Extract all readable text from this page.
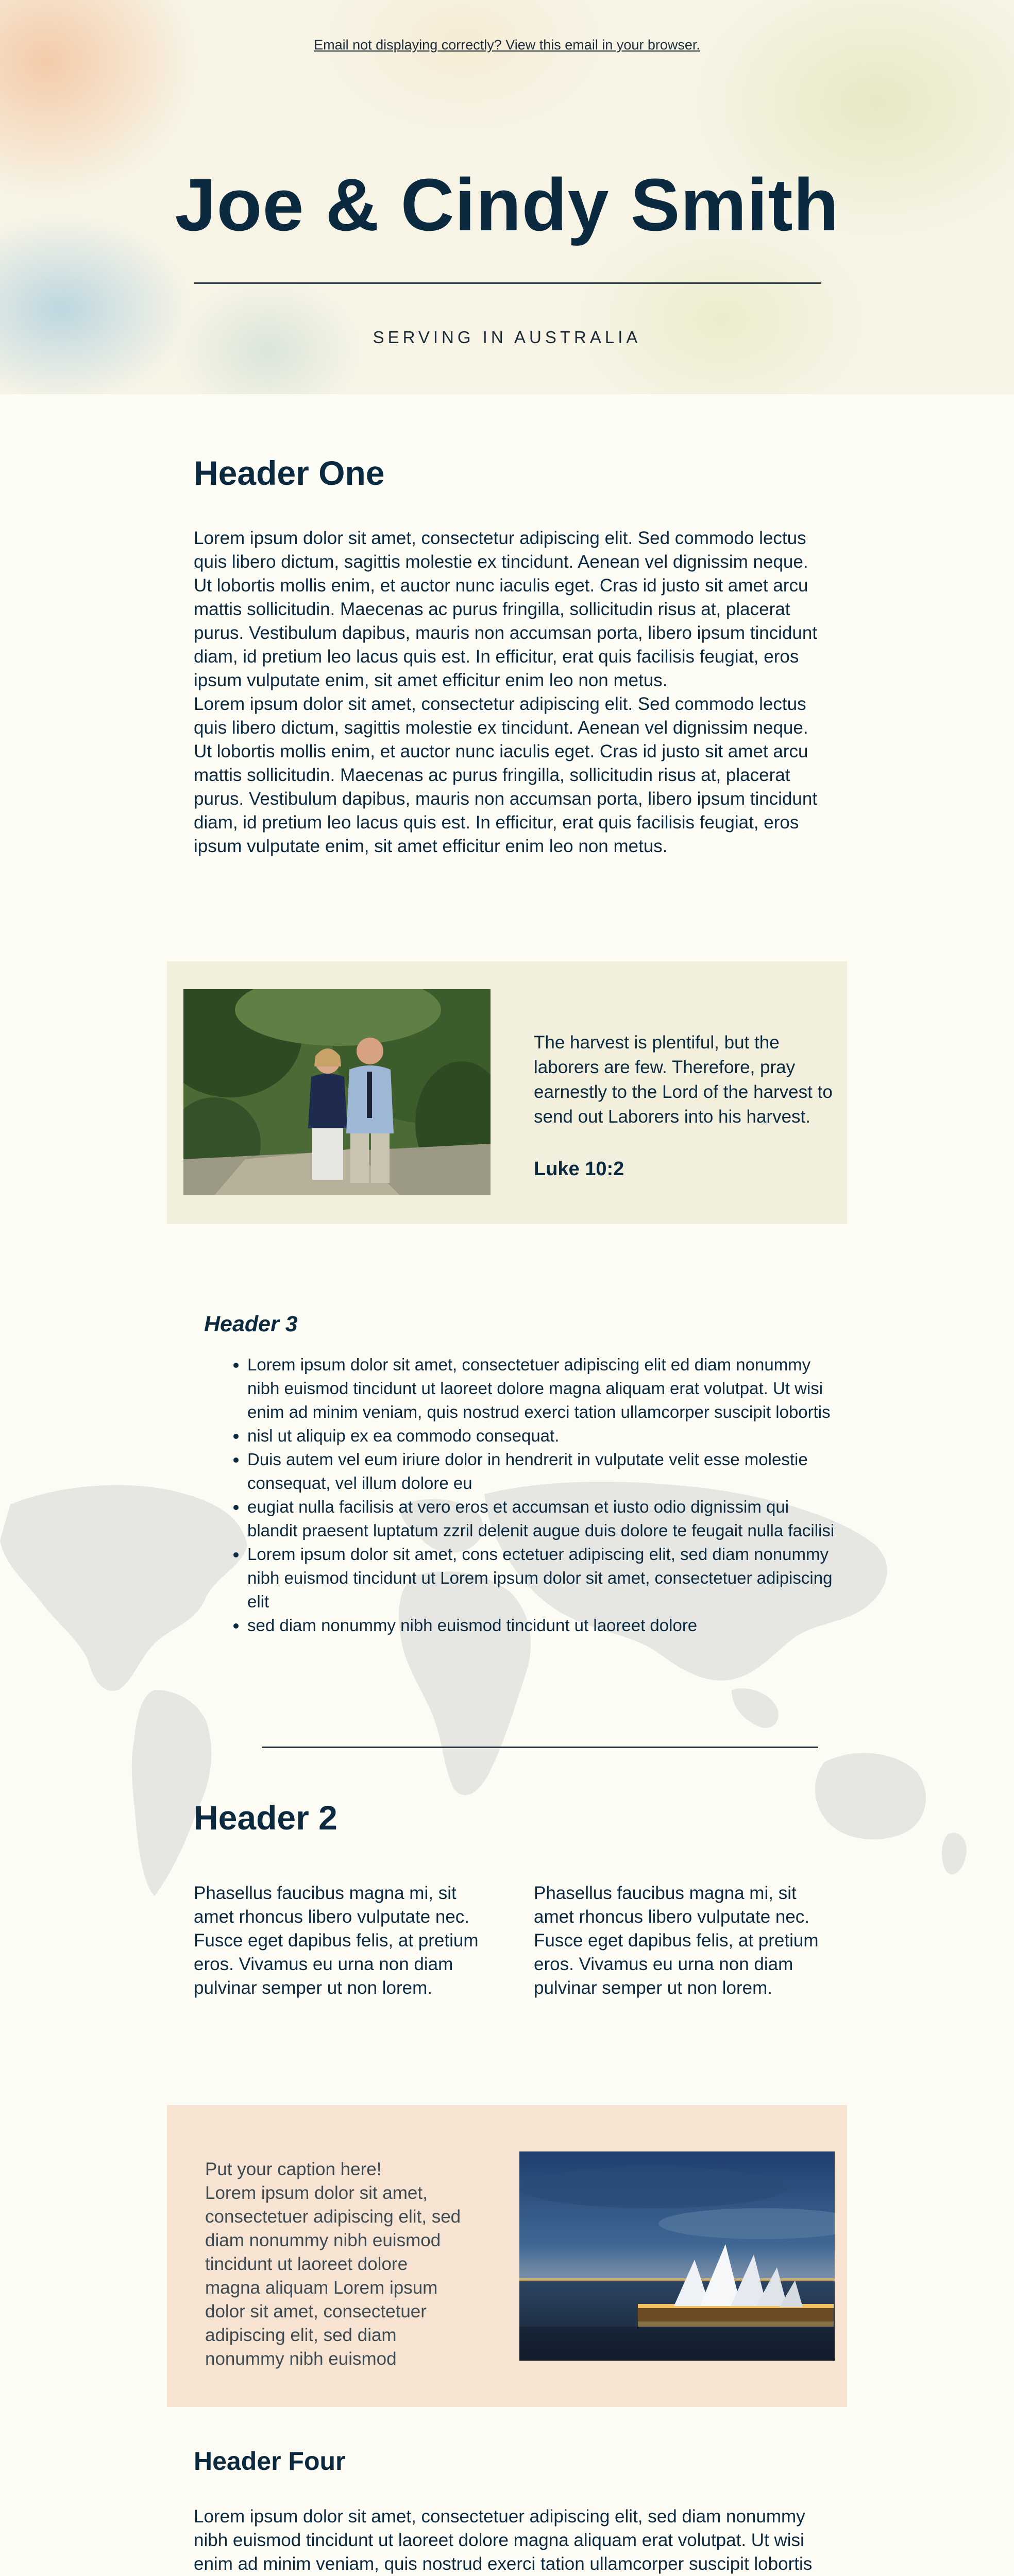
Email not displaying correctly? View this email in your browser.
Joe & Cindy Smith
SERVING IN AUSTRALIA
Header One

Lorem ipsum dolor sit amet, consectetur adipiscing elit. Sed commodo lectus quis libero dictum, sagittis molestie ex tincidunt. Aenean vel dignissim neque. Ut lobortis mollis enim, et auctor nunc iaculis eget. Cras id justo sit amet arcu mattis sollicitudin. Maecenas ac purus fringilla, sollicitudin risus at, placerat purus. Vestibulum dapibus, mauris non accumsan porta, libero ipsum tincidunt diam, id pretium leo lacus quis est. In efficitur, erat quis facilisis feugiat, eros ipsum vulputate enim, sit amet efficitur enim leo non metus.

Lorem ipsum dolor sit amet, consectetur adipiscing elit. Sed commodo lectus quis libero dictum, sagittis molestie ex tincidunt. Aenean vel dignissim neque. Ut lobortis mollis enim, et auctor nunc iaculis eget. Cras id justo sit amet arcu mattis sollicitudin. Maecenas ac purus fringilla, sollicitudin risus at, placerat purus. Vestibulum dapibus, mauris non accumsan porta, libero ipsum tincidunt diam, id pretium leo lacus quis est. In efficitur, erat quis facilisis feugiat, eros ipsum vulputate enim, sit amet efficitur enim leo non metus.

The harvest is plentiful, but the laborers are few. Therefore, pray earnestly to the Lord of the harvest to send out Laborers into his harvest.
Luke 10:2
Header 3
• Lorem ipsum dolor sit amet, consectetuer adipiscing elit ed diam nonummy nibh euismod tincidunt ut laoreet dolore magna aliquam erat volutpat. Ut wisi enim ad minim veniam, quis nostrud exerci tation ullamcorper suscipit lobortis
• nisl ut aliquip ex ea commodo consequat.
• Duis autem vel eum iriure dolor in hendrerit in vulputate velit esse molestie consequat, vel illum dolore eu
• eugiat nulla facilisis at vero eros et accumsan et iusto odio dignissim qui blandit praesent luptatum zzril delenit augue duis dolore te feugait nulla facilisi
• Lorem ipsum dolor sit amet, cons ectetuer adipiscing elit, sed diam nonummy nibh euismod tincidunt ut Lorem ipsum dolor sit amet, consectetuer adipiscing elit
• sed diam nonummy nibh euismod tincidunt ut laoreet dolore
Header 2
Phasellus faucibus magna mi, sit amet rhoncus libero vulputate nec. Fusce eget dapibus felis, at pretium eros. Vivamus eu urna non diam pulvinar semper ut non lorem.
Phasellus faucibus magna mi, sit amet rhoncus libero vulputate nec. Fusce eget dapibus felis, at pretium eros. Vivamus eu urna non diam pulvinar semper ut non lorem.
Put your caption here!
Lorem ipsum dolor sit amet, consectetuer adipiscing elit, sed diam nonummy nibh euismod tincidunt ut laoreet dolore magna aliquam Lorem ipsum dolor sit amet, consectetuer adipiscing elit, sed diam nonummy nibh euismod
Header Four
Lorem ipsum dolor sit amet, consectetuer adipiscing elit, sed diam nonummy nibh euismod tincidunt ut laoreet dolore magna aliquam erat volutpat. Ut wisi enim ad minim veniam, quis nostrud exerci tation ullamcorper suscipit lobortis
